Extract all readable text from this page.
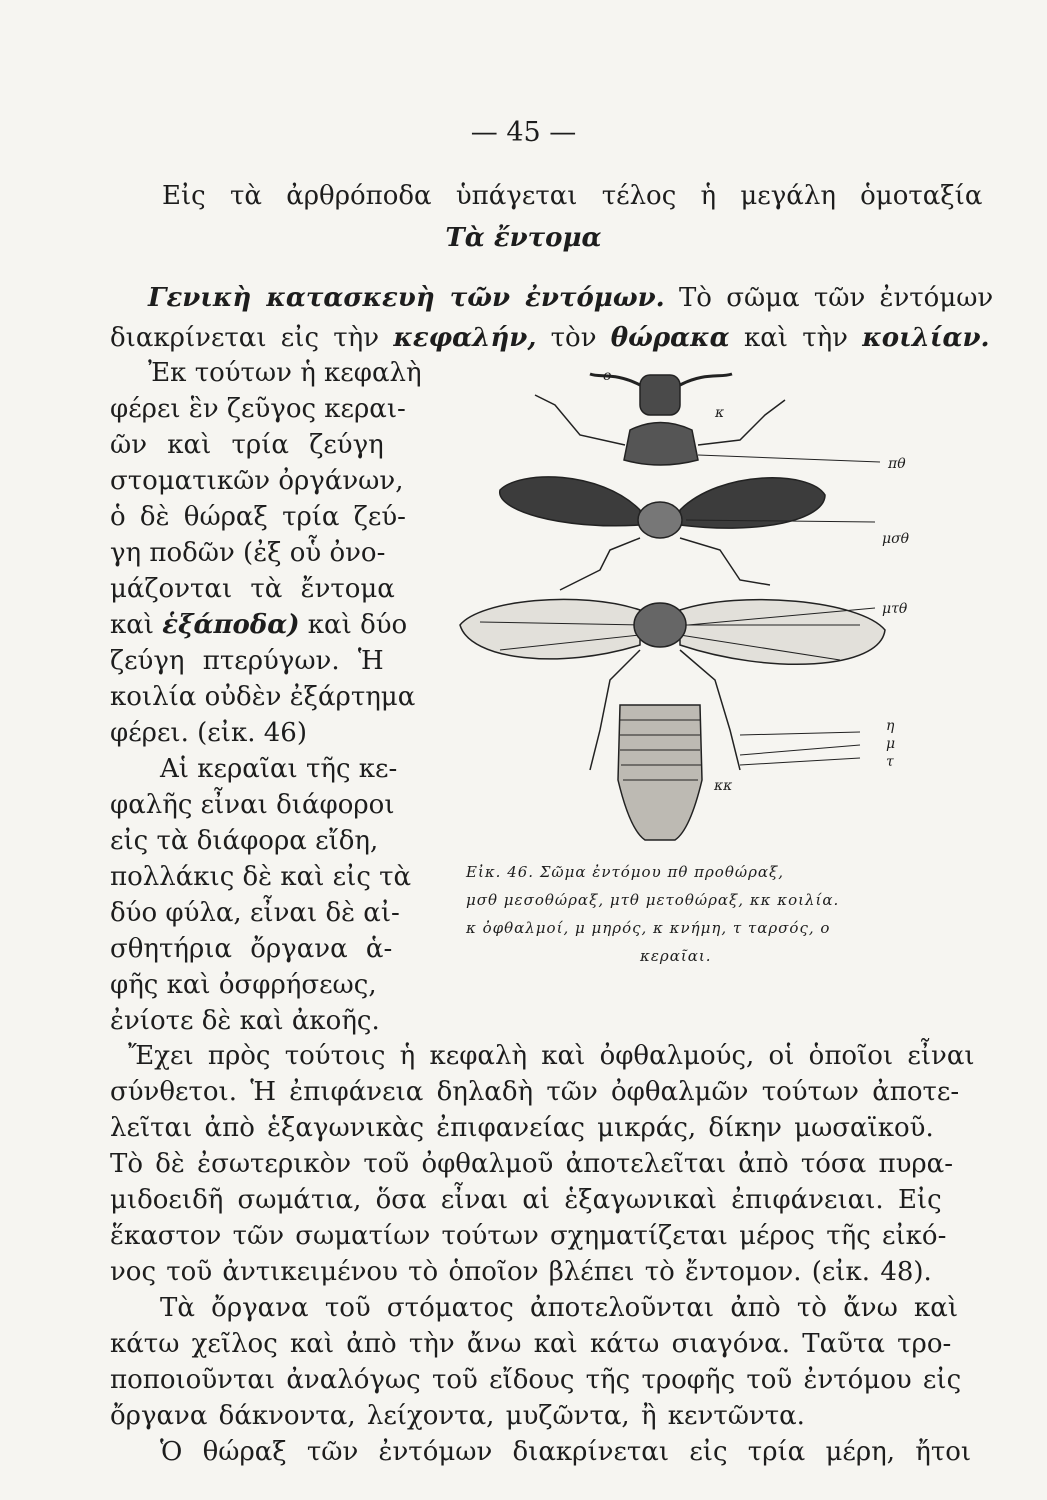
— 45 —
Εἰς τὰ ἀρθρόποδα ὑπάγεται τέλος ἡ μεγάλη ὁμοταξία
Τὰ ἔντομα
Γενικὴ κατασκευὴ τῶν ἐντόμων. Τὸ σῶμα τῶν ἐντόμων
διακρίνεται εἰς τὴν κεφαλήν, τὸν θώρακα καὶ τὴν κοιλίαν.
Ἐκ τούτων ἡ κεφαλὴ
φέρει ἓν ζεῦγος κεραι-
ῶν καὶ τρία ζεύγη
στοματικῶν ὀργάνων,
ὁ δὲ θώραξ τρία ζεύ-
γη ποδῶν (ἐξ οὗ ὀνο-
μάζονται τὰ ἔντομα
καὶ ἑξάποδα) καὶ δύο
ζεύγη πτερύγων. Ἡ
κοιλία οὐδὲν ἐξάρτημα
φέρει. (εἰκ. 46)
Αἱ κεραῖαι τῆς κε-
φαλῆς εἶναι διάφοροι
εἰς τὰ διάφορα εἴδη,
πολλάκις δὲ καὶ εἰς τὰ
δύο φύλα, εἶναι δὲ αἰ-
σθητήρια ὄργανα ἁ-
φῆς καὶ ὀσφρήσεως,
ἐνίοτε δὲ καὶ ἀκοῆς.
o
κ
πθ
μσθ
μτθ
η
μ
τ
κκ
Εἰκ. 46. Σῶμα ἐντόμου πθ προθώραξ,
μσθ μεσοθώραξ, μτθ μετοθώραξ, κκ κοιλία.
κ ὀφθαλμοί, μ μηρός, κ κνήμη, τ ταρσός, ο
κεραῖαι.
Ἔχει πρὸς τούτοις ἡ κεφαλὴ καὶ ὀφθαλμούς, οἱ ὁποῖοι εἶναι
σύνθετοι. Ἡ ἐπιφάνεια δηλαδὴ τῶν ὀφθαλμῶν τούτων ἀποτε-
λεῖται ἀπὸ ἑξαγωνικὰς ἐπιφανείας μικράς, δίκην μωσαϊκοῦ.
Τὸ δὲ ἐσωτερικὸν τοῦ ὀφθαλμοῦ ἀποτελεῖται ἀπὸ τόσα πυρα-
μιδοειδῆ σωμάτια, ὅσα εἶναι αἱ ἑξαγωνικαὶ ἐπιφάνειαι. Εἰς
ἕκαστον τῶν σωματίων τούτων σχηματίζεται μέρος τῆς εἰκό-
νος τοῦ ἀντικειμένου τὸ ὁποῖον βλέπει τὸ ἔντομον. (εἰκ. 48).
Τὰ ὄργανα τοῦ στόματος ἀποτελοῦνται ἀπὸ τὸ ἄνω καὶ
κάτω χεῖλος καὶ ἀπὸ τὴν ἄνω καὶ κάτω σιαγόνα. Ταῦτα τρο-
ποποιοῦνται ἀναλόγως τοῦ εἴδους τῆς τροφῆς τοῦ ἐντόμου εἰς
ὄργανα δάκνοντα, λείχοντα, μυζῶντα, ἢ κεντῶντα.
Ὁ θώραξ τῶν ἐντόμων διακρίνεται εἰς τρία μέρη, ἤτοι
